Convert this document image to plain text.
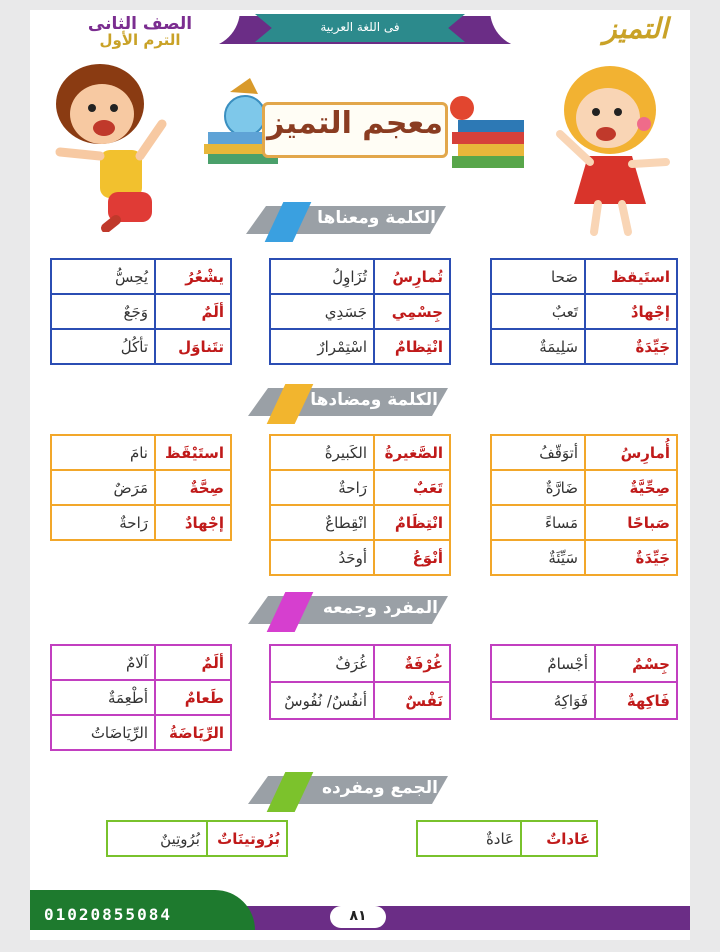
التميز
الصف الثانى
الترم الأول
فى اللغة العربية
معجم التميز
الكلمة ومعناها
صَحا	استَيقظ
تَعبٌ	إجْهادٌ
سَلِيمَةٌ	جَيِّدَةٌ
تُزَاوِلُ	تُمارِسُ
جَسَدِي	جِسْمِي
اسْتِمْرارٌ	انْتِظامٌ
يُحِسُّ	يشْعُرُ
وَجَعٌ	ألَمٌ
تأكُلُ	تتَناوَل
الكلمة ومضادها
أتوَقّفُ	أُمارِسُ
ضَارَّةٌ	صِحِّيَّةٌ
مَساءً	صَباحًا
سَيِّئَةٌ	جَيِّدَةٌ
الكَبيرةُ	الصَّغيرةُ
رَاحةٌ	تَعَبٌ
انْقِطاعٌ	انْتِظَامٌ
أوحَدُ	أنْوَعُ
نامَ	استَيْقَظ
مَرَضٌ	صِحَّةٌ
رَاحةٌ	إجْهادٌ
المفرد وجمعه
أجْسامٌ	جِسْمٌ
فَوَاكِهُ	فَاكِهةٌ
غُرَفٌ	غُرْفَةٌ
أنفُسٌ/ نُفُوسٌ	نَفْسٌ
آلامٌ	ألَمٌ
أطْعِمَةٌ	طَعامٌ
الرِّيَاضَاتُ	الرِّيَاضَةُ
الجمع ومفرده
عَادةٌ	عَاداتٌ
بُرُوتِينٌ	بُرُوتينَاتٌ
01020855084	٨١
